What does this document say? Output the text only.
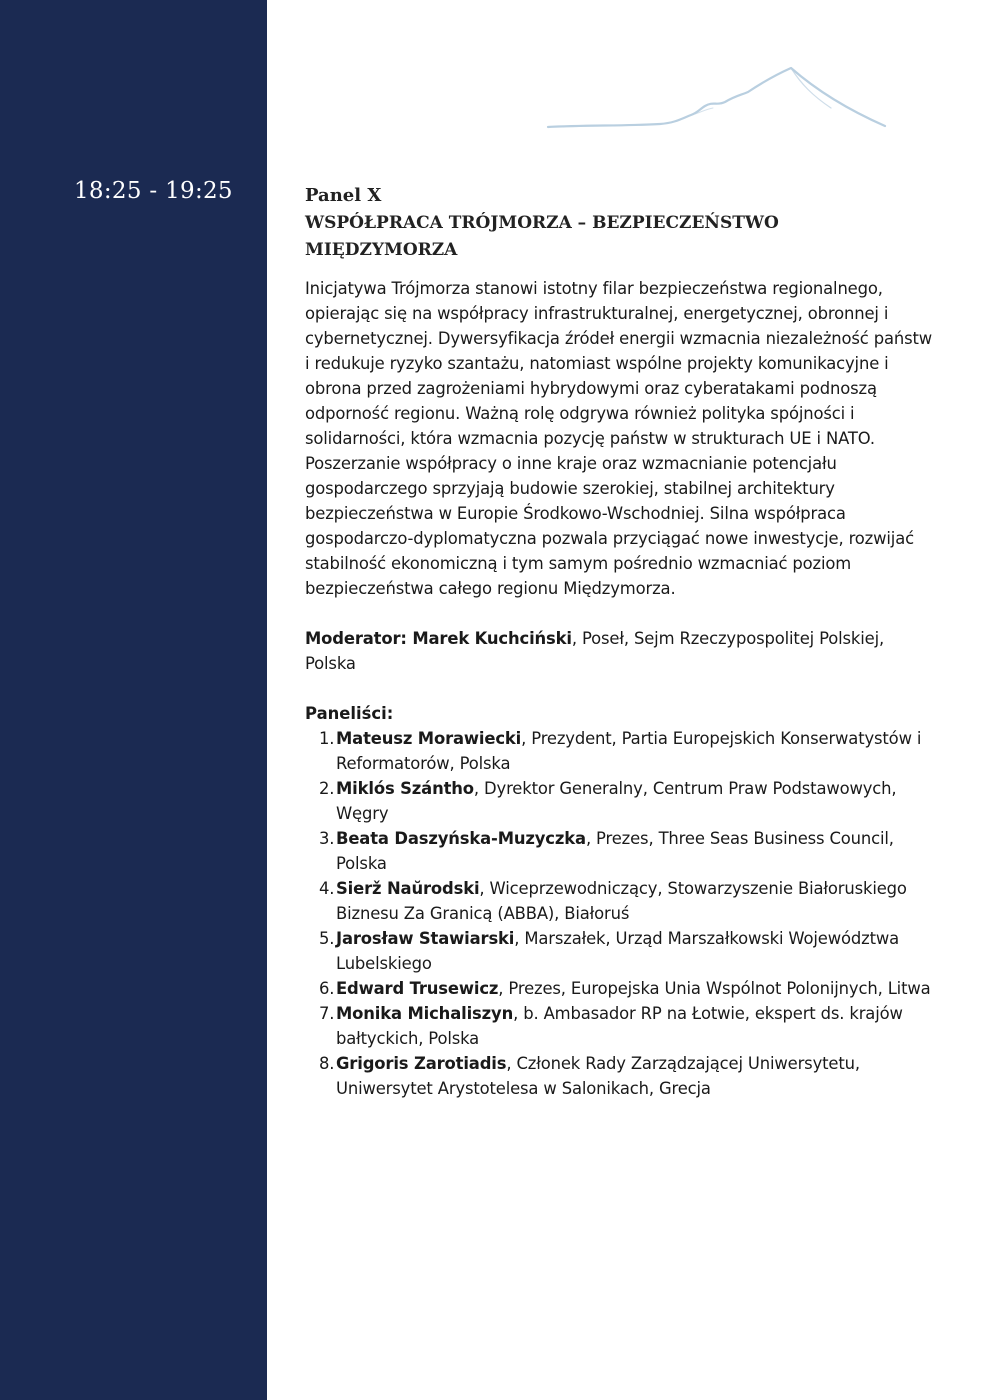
18:25 - 19:25	Panel X
WSPÓŁPRACA TRÓJMORZA – BEZPIECZEŃSTWO MIĘDZYMORZA
Inicjatywa Trójmorza stanowi istotny filar bezpieczeństwa regionalnego, opierając się na współpracy infrastrukturalnej, energetycznej, obronnej i cybernetycznej. Dywersyfikacja źródeł energii wzmacnia niezależność państw i redukuje ryzyko szantażu, natomiast wspólne projekty komunikacyjne i obrona przed zagrożeniami hybrydowymi oraz cyberatakami podnoszą odporność regionu. Ważną rolę odgrywa również polityka spójności i solidarności, która wzmacnia pozycję państw w strukturach UE i NATO. Poszerzanie współpracy o inne kraje oraz wzmacnianie potencjału gospodarczego sprzyjają budowie szerokiej, stabilnej architektury bezpieczeństwa w Europie Środkowo-Wschodniej. Silna współpraca gospodarczo-dyplomatyczna pozwala przyciągać nowe inwestycje, rozwijać stabilność ekonomiczną i tym samym pośrednio wzmacniać poziom bezpieczeństwa całego regionu Międzymorza.
Moderator: Marek Kuchciński, Poseł, Sejm Rzeczypospolitej Polskiej, Polska
Paneliści:
1. Mateusz Morawiecki, Prezydent, Partia Europejskich Konserwatystów i Reformatorów, Polska
2. Miklós Szántho, Dyrektor Generalny, Centrum Praw Podstawowych, Węgry
3. Beata Daszyńska-Muzyczka, Prezes, Three Seas Business Council, Polska
4. Sierž Naŭrodski, Wiceprzewodniczący, Stowarzyszenie Białoruskiego Biznesu Za Granicą (ABBA), Białoruś
5. Jarosław Stawiarski, Marszałek, Urząd Marszałkowski Województwa Lubelskiego
6. Edward Trusewicz, Prezes, Europejska Unia Wspólnot Polonijnych, Litwa
7. Monika Michaliszyn, b. Ambasador RP na Łotwie, ekspert ds. krajów bałtyckich, Polska
8. Grigoris Zarotiadis, Członek Rady Zarządzającej Uniwersytetu, Uniwersytet Arystotelesa w Salonikach, Grecja
